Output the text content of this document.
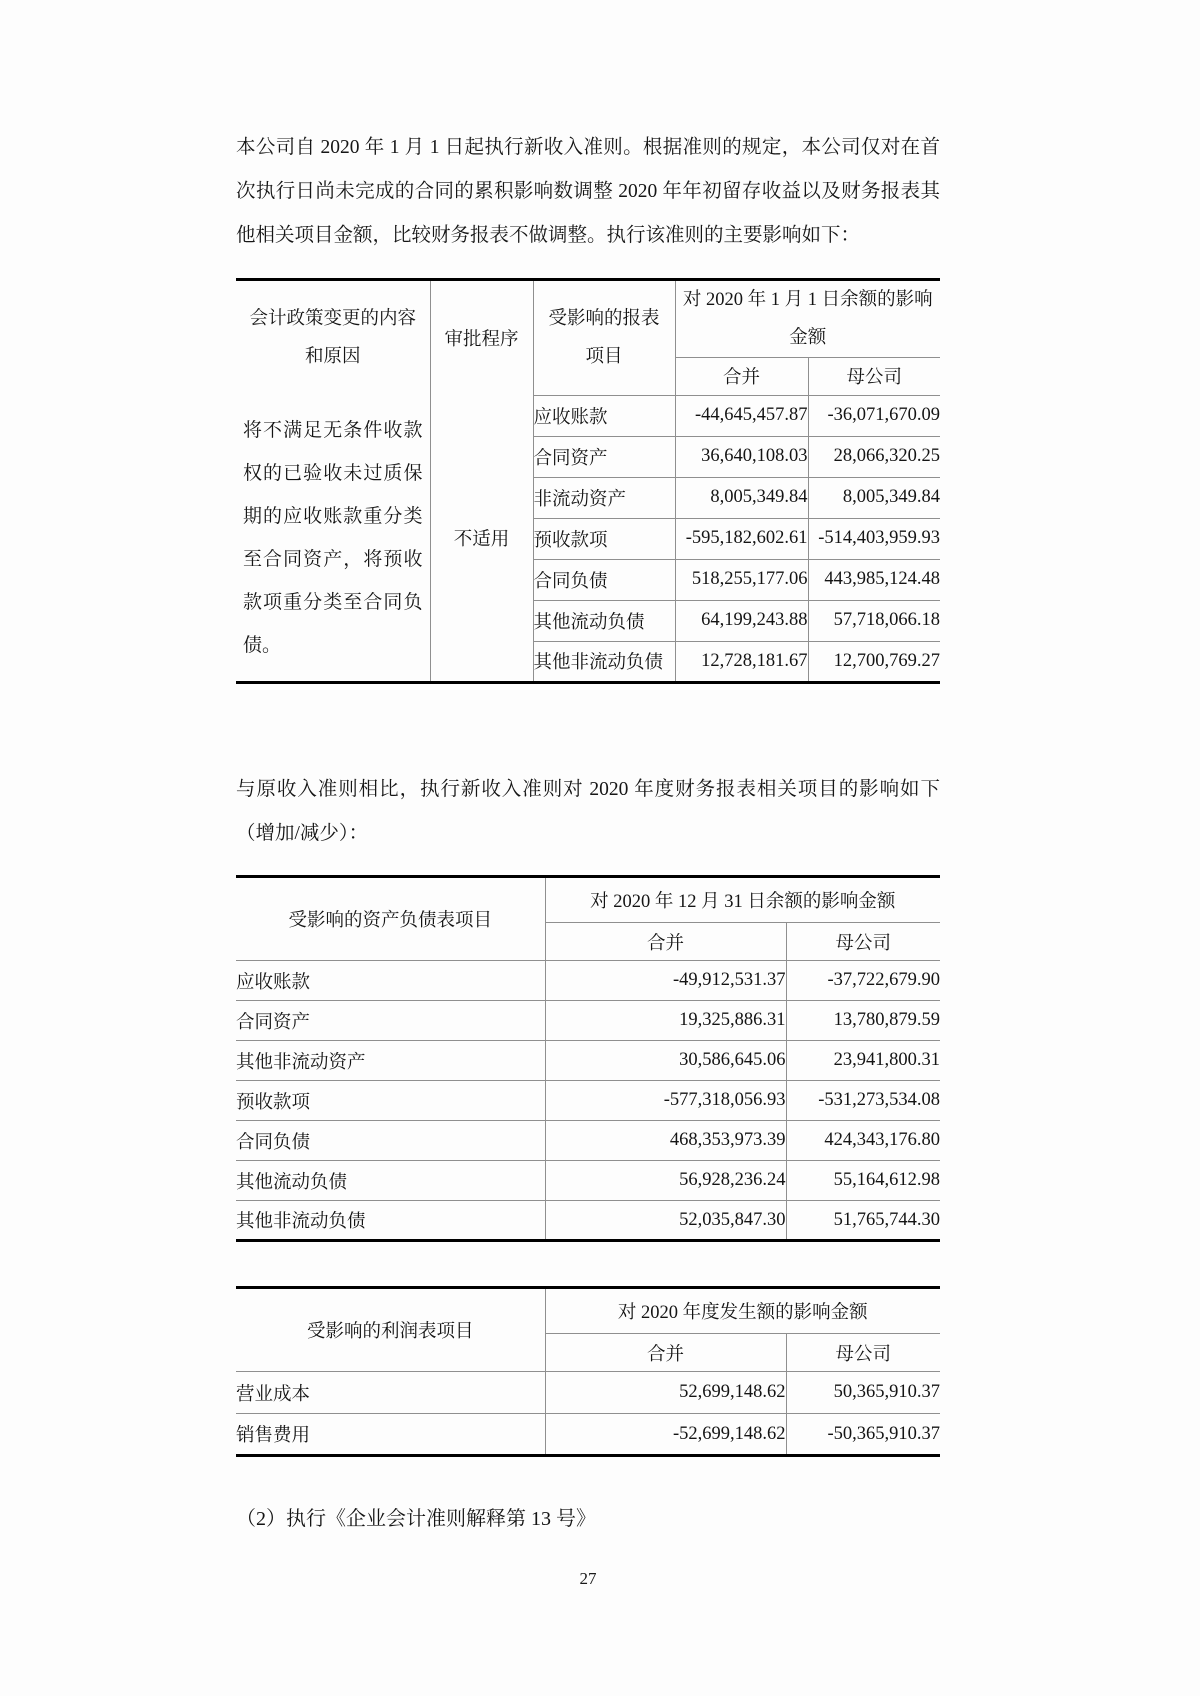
本公司自 2020 年 1 月 1 日起执行新收入准则。根据准则的规定，本公司仅对在首次执行日尚未完成的合同的累积影响数调整 2020 年年初留存收益以及财务报表其他相关项目金额，比较财务报表不做调整。执行该准则的主要影响如下：

会计政策变更的内容和原因	审批程序	受影响的报表项目	对 2020 年 1 月 1 日余额的影响金额	

			合并	母公司
将不满足无条件收款权的已验收未过质保期的应收账款重分类至合同资产，将预收款项重分类至合同负债。	不适用	应收账款	-44,645,457.87	-36,071,670.09
		合同资产	36,640,108.03	28,066,320.25
		非流动资产	8,005,349.84	8,005,349.84
		预收款项	-595,182,602.61	-514,403,959.93
		合同负债	518,255,177.06	443,985,124.48
		其他流动负债	64,199,243.88	57,718,066.18
		其他非流动负债	12,728,181.67	12,700,769.27

与原收入准则相比，执行新收入准则对 2020 年度财务报表相关项目的影响如下（增加/减少）：

受影响的资产负债表项目	对 2020 年 12 月 31 日余额的影响金额	
	合并	母公司
应收账款	-49,912,531.37	-37,722,679.90
合同资产	19,325,886.31	13,780,879.59
其他非流动资产	30,586,645.06	23,941,800.31
预收款项	-577,318,056.93	-531,273,534.08
合同负债	468,353,973.39	424,343,176.80
其他流动负债	56,928,236.24	55,164,612.98
其他非流动负债	52,035,847.30	51,765,744.30
受影响的利润表项目	对 2020 年度发生额的影响金额	
	合并	母公司
营业成本	52,699,148.62	50,365,910.37
销售费用	-52,699,148.62	-50,365,910.37

（2）执行《企业会计准则解释第 13 号》

27
